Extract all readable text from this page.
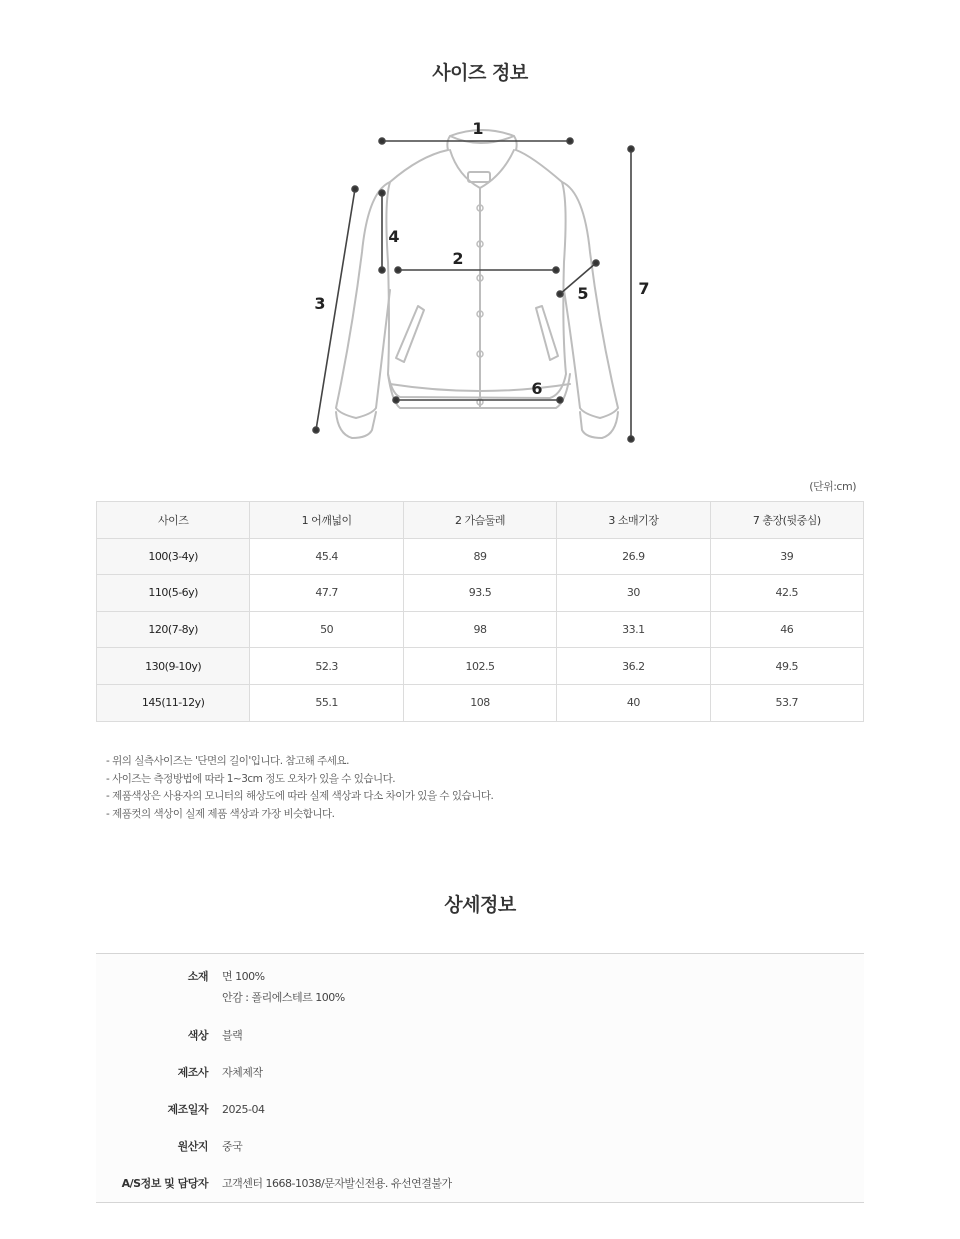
사이즈 정보
1
2
3
4
5
6
7
(단위:cm)
사이즈	1 어깨넓이	2 가슴둘레	3 소매기장	7 총장(뒷중심)
100(3-4y)	45.4	89	26.9	39
110(5-6y)	47.7	93.5	30	42.5
120(7-8y)	50	98	33.1	46
130(9-10y)	52.3	102.5	36.2	49.5
145(11-12y)	55.1	108	40	53.7
- 위의 실측사이즈는 '단면의 길이'입니다. 참고해 주세요.
- 사이즈는 측정방법에 따라 1~3cm 정도 오차가 있을 수 있습니다.
- 제품색상은 사용자의 모니터의 해상도에 따라 실제 색상과 다소 차이가 있을 수 있습니다.
- 제품컷의 색상이 실제 제품 색상과 가장 비슷합니다.
상세정보
소재 면 100%
안감 : 폴리에스테르 100%
색상 블랙
제조사 자체제작
제조일자 2025-04
원산지 중국
A/S정보 및 담당자 고객센터 1668-1038/문자발신전용. 유선연결불가
